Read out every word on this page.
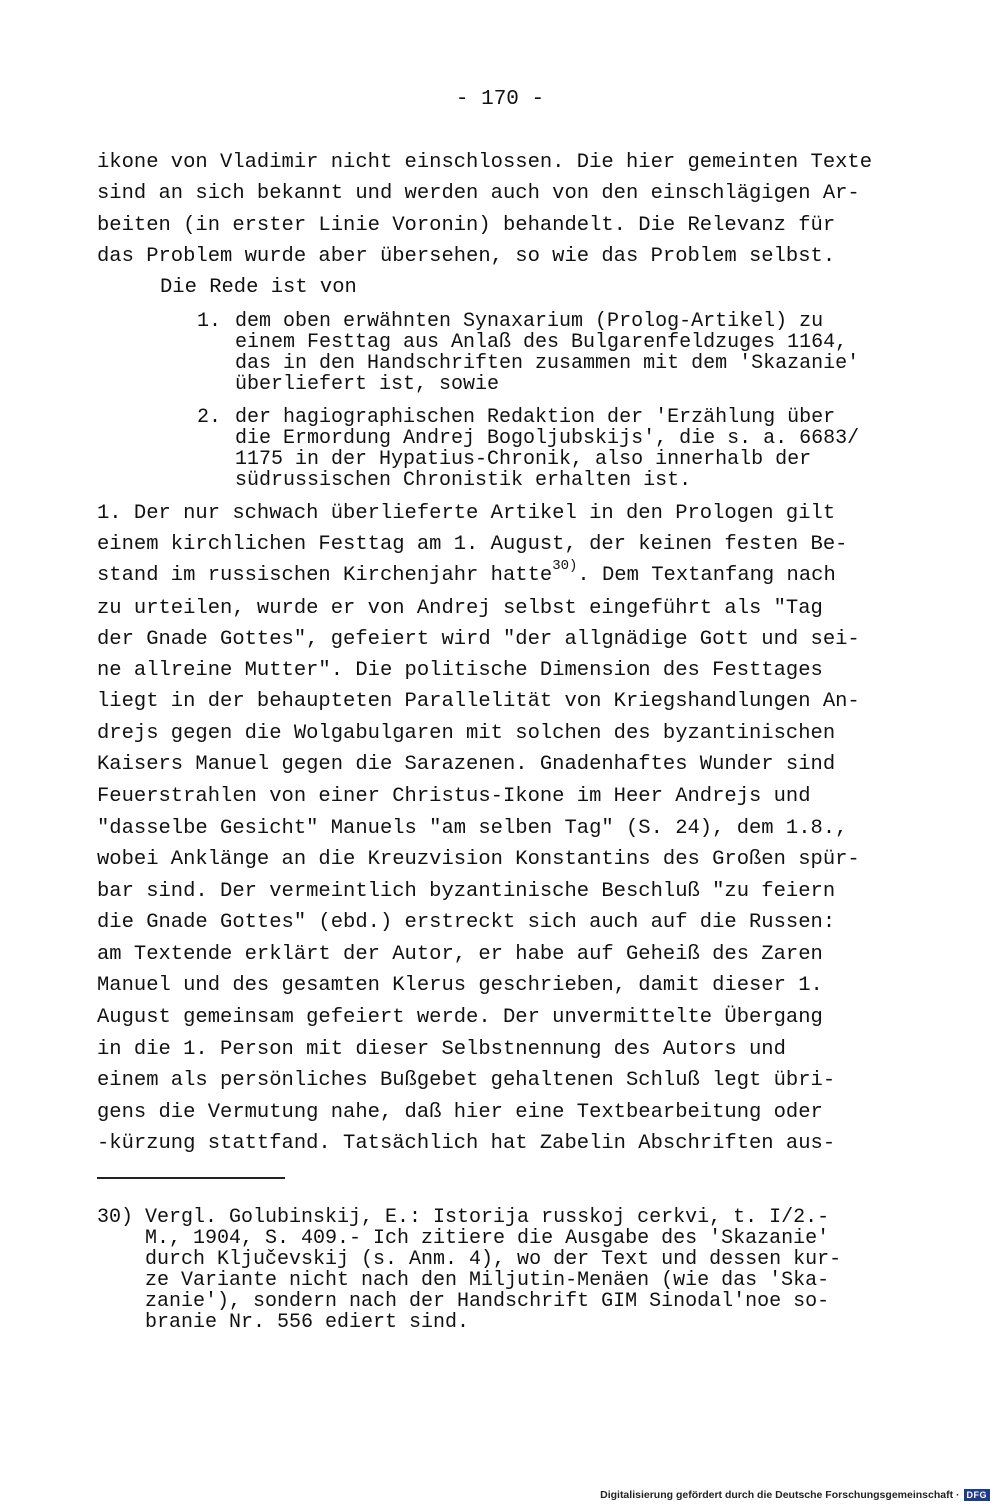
- 170 -
ikone von Vladimir nicht einschlossen. Die hier gemeinten Texte
sind an sich bekannt und werden auch von den einschlägigen Ar-
beiten (in erster Linie Voronin) behandelt. Die Relevanz für
das Problem wurde aber übersehen, so wie das Problem selbst.
Die Rede ist von
1. dem oben erwähnten Synaxarium (Prolog-Artikel) zu
einem Festtag aus Anlaß des Bulgarenfeldzuges 1164,
das in den Handschriften zusammen mit dem 'Skazanie'
überliefert ist, sowie
2. der hagiographischen Redaktion der 'Erzählung über
die Ermordung Andrej Bogoljubskijs', die s. a. 6683/
1175 in der Hypatius-Chronik, also innerhalb der
südrussischen Chronistik erhalten ist.
1. Der nur schwach überlieferte Artikel in den Prologen gilt
einem kirchlichen Festtag am 1. August, der keinen festen Be-
stand im russischen Kirchenjahr hatte$^{30)}$. Dem Textanfang nach
zu urteilen, wurde er von Andrej selbst eingeführt als "Tag
der Gnade Gottes", gefeiert wird "der allgnädige Gott und sei-
ne allreine Mutter". Die politische Dimension des Festtages
liegt in der behaupteten Parallelität von Kriegshandlungen An-
drejs gegen die Wolgabulgaren mit solchen des byzantinischen
Kaisers Manuel gegen die Sarazenen. Gnadenhaftes Wunder sind
Feuerstrahlen von einer Christus-Ikone im Heer Andrejs und
"dasselbe Gesicht" Manuels "am selben Tag" (S. 24), dem 1.8.,
wobei Anklänge an die Kreuzvision Konstantins des Großen spür-
bar sind. Der vermeintlich byzantinische Beschluß "zu feiern
die Gnade Gottes" (ebd.) erstreckt sich auch auf die Russen:
am Textende erklärt der Autor, er habe auf Geheiß des Zaren
Manuel und des gesamten Klerus geschrieben, damit dieser 1.
August gemeinsam gefeiert werde. Der unvermittelte Übergang
in die 1. Person mit dieser Selbstnennung des Autors und
einem als persönliches Bußgebet gehaltenen Schluß legt übri-
gens die Vermutung nahe, daß hier eine Textbearbeitung oder
-kürzung stattfand. Tatsächlich hat Zabelin Abschriften aus-
30) Vergl. Golubinskij, E.: Istorija russkoj cerkvi, t. I/2.-
M., 1904, S. 409.- Ich zitiere die Ausgabe des 'Skazanie'
durch Ključevskij (s. Anm. 4), wo der Text und dessen kur-
ze Variante nicht nach den Miljutin-Menäen (wie das 'Ska-
zanie'), sondern nach der Handschrift GIM Sinodal'noe so-
branie Nr. 556 ediert sind.
Digitalisierung gefördert durch die Deutsche Forschungsgemeinschaft · DFG
